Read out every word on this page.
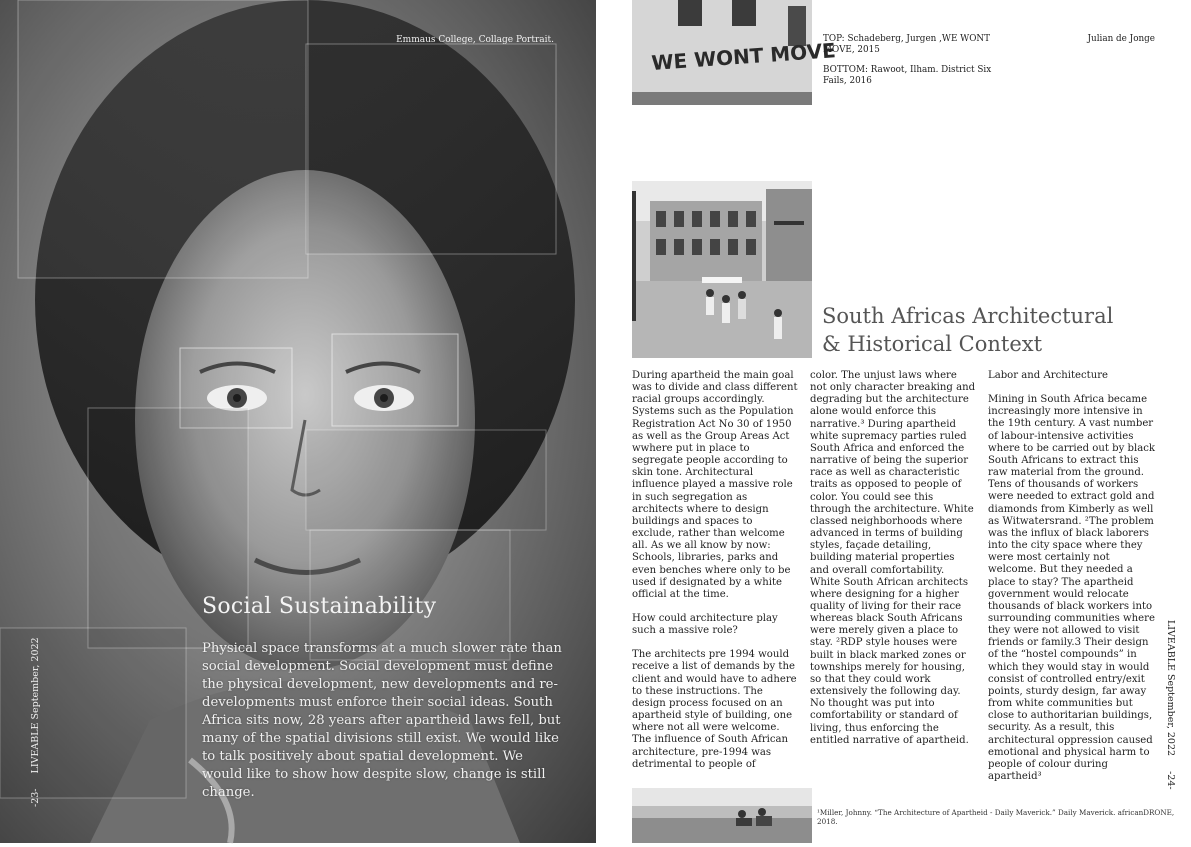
Emmaus College, Collage Portrait.
Social Sustainability
Physical space transforms at a much slower rate than social development. Social development must define the physical development, new developments and re-developments must enforce their social ideas. South Africa sits now, 28 years after apartheid laws fell, but many of the spatial divisions still exist. We would like to talk positively about spatial development. We would like to show how despite slow, change is still change.
-23- LIVEABLE September, 2022
WE WONT MOVE

TOP: Schadeberg, Jurgen ,WE WONT MOVE, 2015

BOTTOM: Rawoot, Ilham. District Six Fails, 2016

Julian de Jonge
South Africas Architectural
& Historical Context

During apartheid the main goal was to divide and class different racial groups accordingly. Systems such as the Population Registration Act No 30 of 1950 as well as the Group Areas Act wwhere put in place to segregate people according to skin tone. Architectural influence played a massive role in such segregation as architects where to design buildings and spaces to exclude, rather than welcome all. As we all know by now: Schools, libraries, parks and even benches where only to be used if designated by a white official at the time.

How could architecture play such a massive role?

The architects pre 1994 would receive a list of demands by the client and would have to adhere to these instructions. The design process focused on an apartheid style of building, one where not all were welcome. The influence of South African architecture, pre-1994 was detrimental to people of

color. The unjust laws where not only character breaking and degrading but the architecture alone would enforce this narrative.³ During apartheid white supremacy parties ruled South Africa and enforced the narrative of being the superior race as well as characteristic traits as opposed to people of color. You could see this through the architecture. White classed neighborhoods where advanced in terms of building styles, façade detailing, building material properties and overall comfortability. White South African architects where designing for a higher quality of living for their race whereas black South Africans were merely given a place to stay. ²RDP style houses were built in black marked zones or townships merely for housing, so that they could work extensively the following day. No thought was put into comfortability or standard of living, thus enforcing the entitled narrative of apartheid.

Labor and Architecture

Mining in South Africa became increasingly more intensive in the 19th century. A vast number of labour-intensive activities where to be carried out by black South Africans to extract this raw material from the ground. Tens of thousands of workers were needed to extract gold and diamonds from Kimberly as well as Witwatersrand. ²The problem was the influx of black laborers into the city space where they were most certainly not welcome. But they needed a place to stay? The apartheid government would relocate thousands of black workers into surrounding communities where they were not allowed to visit friends or family.3 Their design of the “hostel compounds” in which they would stay in would consist of controlled entry/exit points, sturdy design, far away from white communities but close to authoritarian buildings, security. As a result, this architectural oppression caused emotional and physical harm to people of colour during apartheid³

¹Miller, Johnny. “The Architecture of Apartheid - Daily Maverick.” Daily Maverick. africanDRONE, 2018.
LIVEABLE September, 2022 -24-
